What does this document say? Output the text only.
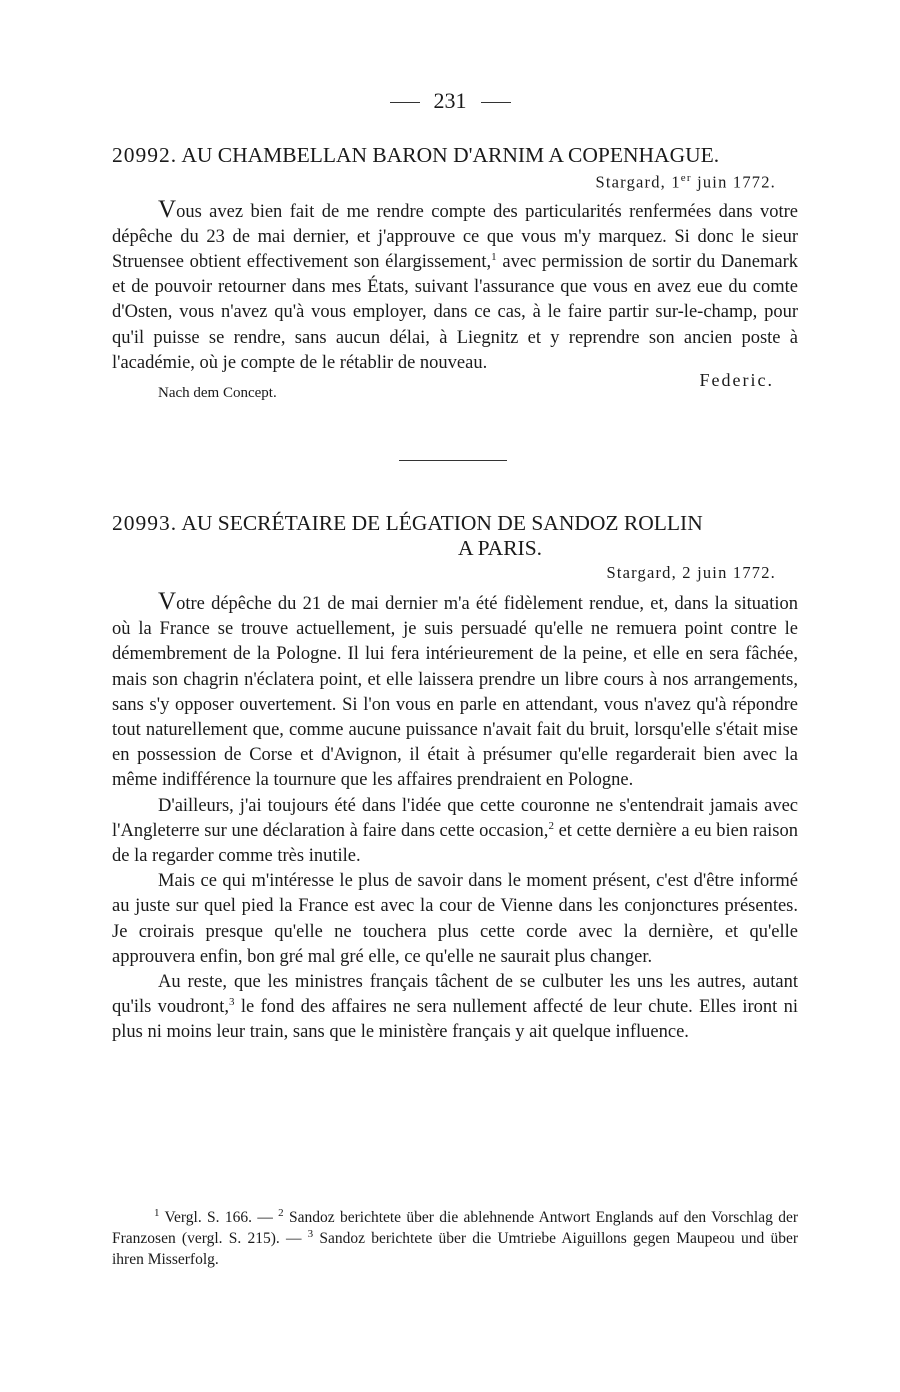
231
20992. AU CHAMBELLAN BARON D'ARNIM A COPENHAGUE.
Stargard, 1er juin 1772.

Vous avez bien fait de me rendre compte des particularités renfermées dans votre dépêche du 23 de mai dernier, et j'approuve ce que vous m'y marquez. Si donc le sieur Struensee obtient effectivement son élargissement,$^1$ avec permission de sortir du Danemark et de pouvoir retourner dans mes États, suivant l'assurance que vous en avez eue du comte d'Osten, vous n'avez qu'à vous employer, dans ce cas, à le faire partir sur-le-champ, pour qu'il puisse se rendre, sans aucun délai, à Liegnitz et y reprendre son ancien poste à l'académie, où je compte de le rétablir de nouveau.

Federic.
Nach dem Concept.
20993. AU SECRÉTAIRE DE LÉGATION DE SANDOZ ROLLIN
A PARIS.
Stargard, 2 juin 1772.

Votre dépêche du 21 de mai dernier m'a été fidèlement rendue, et, dans la situation où la France se trouve actuellement, je suis persuadé qu'elle ne remuera point contre le démembrement de la Pologne. Il lui fera intérieurement de la peine, et elle en sera fâchée, mais son chagrin n'éclatera point, et elle laissera prendre un libre cours à nos arrangements, sans s'y opposer ouvertement. Si l'on vous en parle en attendant, vous n'avez qu'à répondre tout naturellement que, comme aucune puissance n'avait fait du bruit, lorsqu'elle s'était mise en possession de Corse et d'Avignon, il était à présumer qu'elle regarderait bien avec la même indifférence la tournure que les affaires prendraient en Pologne.

D'ailleurs, j'ai toujours été dans l'idée que cette couronne ne s'entendrait jamais avec l'Angleterre sur une déclaration à faire dans cette occasion,$^2$ et cette dernière a eu bien raison de la regarder comme très inutile.

Mais ce qui m'intéresse le plus de savoir dans le moment présent, c'est d'être informé au juste sur quel pied la France est avec la cour de Vienne dans les conjonctures présentes. Je croirais presque qu'elle ne touchera plus cette corde avec la dernière, et qu'elle approuvera enfin, bon gré mal gré elle, ce qu'elle ne saurait plus changer.

Au reste, que les ministres français tâchent de se culbuter les uns les autres, autant qu'ils voudront,$^3$ le fond des affaires ne sera nullement affecté de leur chute. Elles iront ni plus ni moins leur train, sans que le ministère français y ait quelque influence.

$^1$ Vergl. S. 166. — $^2$ Sandoz berichtete über die ablehnende Antwort Englands auf den Vorschlag der Franzosen (vergl. S. 215). — $^3$ Sandoz berichtete über die Umtriebe Aiguillons gegen Maupeou und über ihren Misserfolg.
